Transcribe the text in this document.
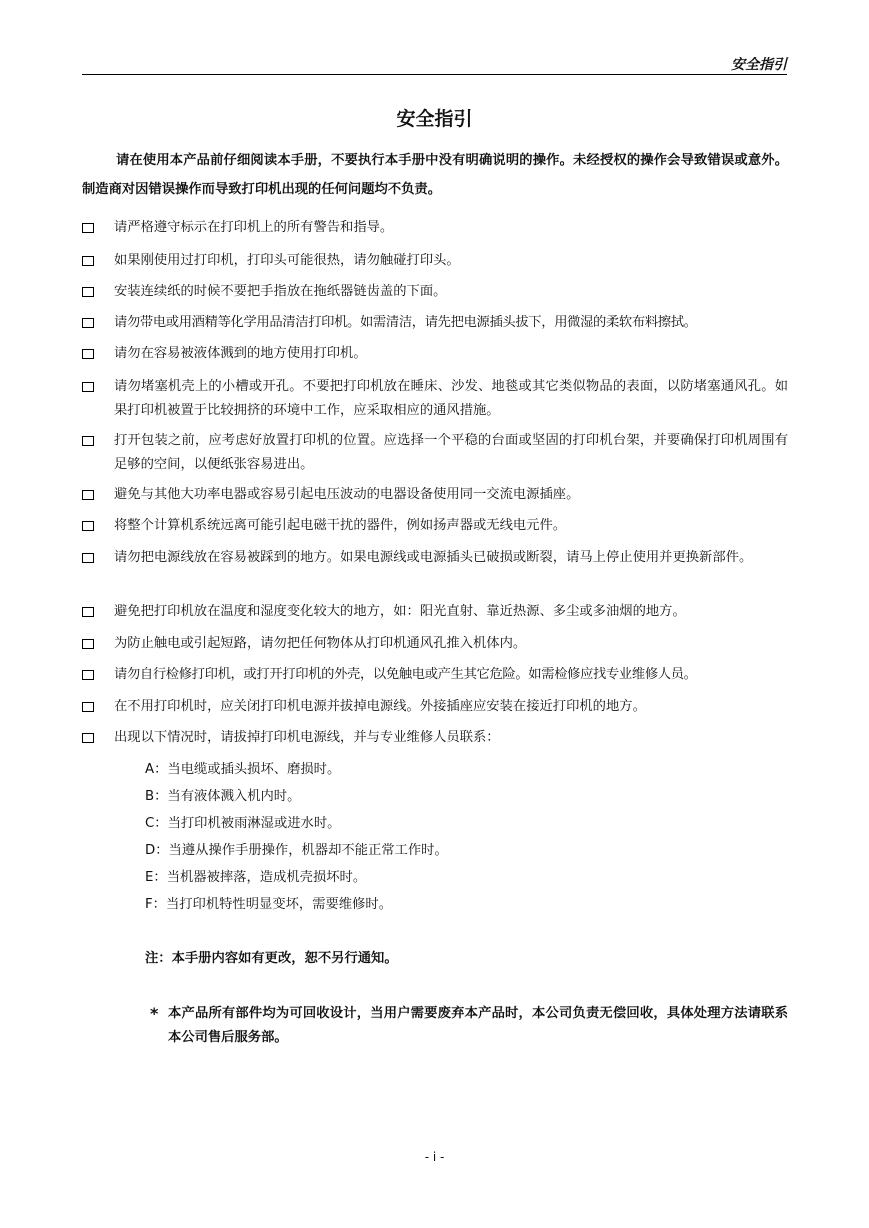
安全指引
安全指引
请在使用本产品前仔细阅读本手册，不要执行本手册中没有明确说明的操作。未经授权的操作会导致错误或意外。制造商对因错误操作而导致打印机出现的任何问题均不负责。
请严格遵守标示在打印机上的所有警告和指导。
如果刚使用过打印机，打印头可能很热，请勿触碰打印头。
安装连续纸的时候不要把手指放在拖纸器链齿盖的下面。
请勿带电或用酒精等化学用品清洁打印机。如需清洁，请先把电源插头拔下，用微湿的柔软布料擦拭。
请勿在容易被液体溅到的地方使用打印机。
请勿堵塞机壳上的小槽或开孔。不要把打印机放在睡床、沙发、地毯或其它类似物品的表面，以防堵塞通风孔。如果打印机被置于比较拥挤的环境中工作，应采取相应的通风措施。
打开包装之前，应考虑好放置打印机的位置。应选择一个平稳的台面或坚固的打印机台架，并要确保打印机周围有足够的空间，以便纸张容易进出。
避免与其他大功率电器或容易引起电压波动的电器设备使用同一交流电源插座。
将整个计算机系统远离可能引起电磁干扰的器件，例如扬声器或无线电元件。
请勿把电源线放在容易被踩到的地方。如果电源线或电源插头已破损或断裂，请马上停止使用并更换新部件。
避免把打印机放在温度和湿度变化较大的地方，如：阳光直射、靠近热源、多尘或多油烟的地方。
为防止触电或引起短路，请勿把任何物体从打印机通风孔推入机体内。
请勿自行检修打印机，或打开打印机的外壳，以免触电或产生其它危险。如需检修应找专业维修人员。
在不用打印机时，应关闭打印机电源并拔掉电源线。外接插座应安装在接近打印机的地方。
出现以下情况时，请拔掉打印机电源线，并与专业维修人员联系：
A：当电缆或插头损坏、磨损时。
B：当有液体溅入机内时。
C：当打印机被雨淋湿或进水时。
D：当遵从操作手册操作，机器却不能正常工作时。
E：当机器被摔落，造成机壳损坏时。
F：当打印机特性明显变坏，需要维修时。
注：本手册内容如有更改，恕不另行通知。
* 本产品所有部件均为可回收设计，当用户需要废弃本产品时，本公司负责无偿回收，具体处理方法请联系本公司售后服务部。
- i -
